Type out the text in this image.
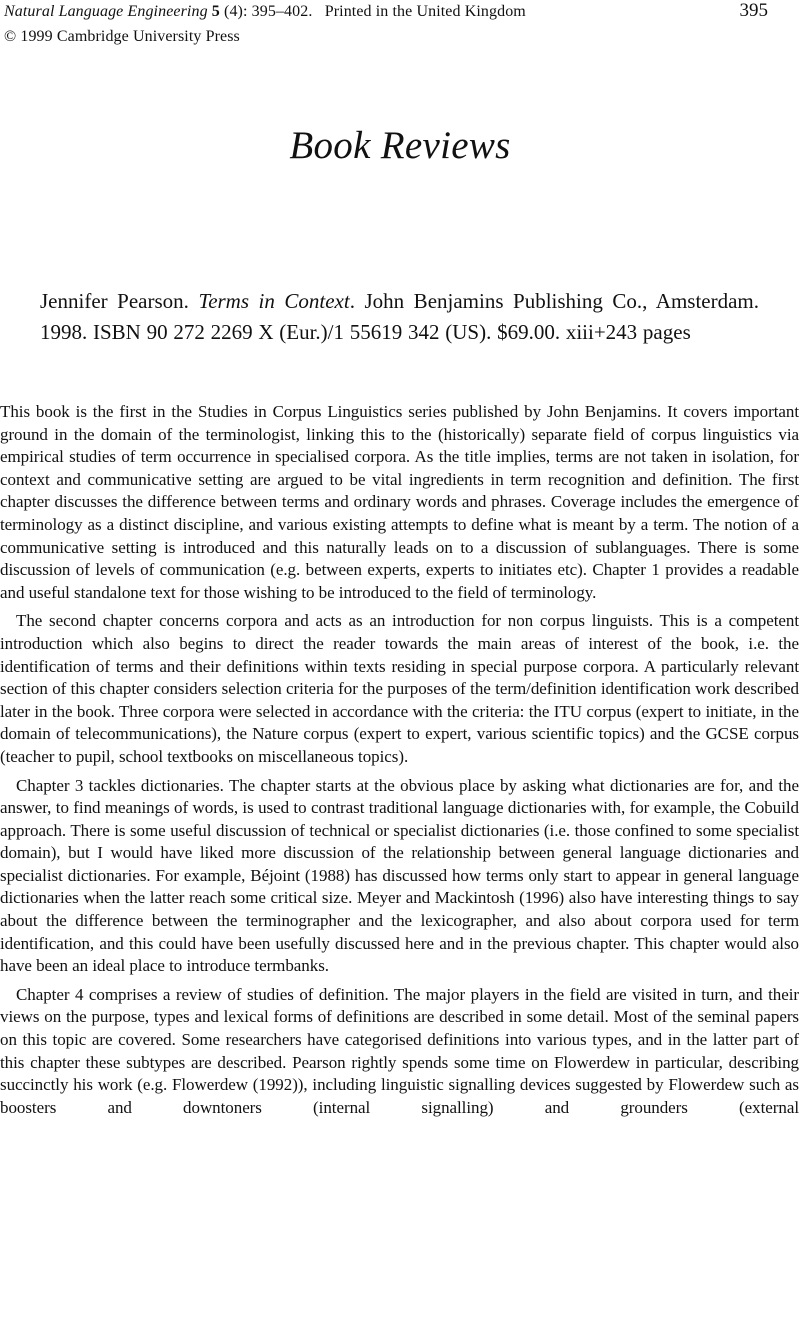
Natural Language Engineering 5 (4): 395–402. Printed in the United Kingdom
© 1999 Cambridge University Press
395
Book Reviews
Jennifer Pearson. Terms in Context. John Benjamins Publishing Co., Amsterdam. 1998. ISBN 90 272 2269 X (Eur.)/1 55619 342 (US). $69.00. xiii+243 pages

This book is the first in the Studies in Corpus Linguistics series published by John Benjamins. It covers important ground in the domain of the terminologist, linking this to the (historically) separate field of corpus linguistics via empirical studies of term occurrence in specialised corpora. As the title implies, terms are not taken in isolation, for context and communicative setting are argued to be vital ingredients in term recognition and definition. The first chapter discusses the difference between terms and ordinary words and phrases. Coverage includes the emergence of terminology as a distinct discipline, and various existing attempts to define what is meant by a term. The notion of a communicative setting is introduced and this naturally leads on to a discussion of sublanguages. There is some discussion of levels of communication (e.g. between experts, experts to initiates etc). Chapter 1 provides a readable and useful standalone text for those wishing to be introduced to the field of terminology.

The second chapter concerns corpora and acts as an introduction for non corpus linguists. This is a competent introduction which also begins to direct the reader towards the main areas of interest of the book, i.e. the identification of terms and their definitions within texts residing in special purpose corpora. A particularly relevant section of this chapter considers selection criteria for the purposes of the term/definition identification work described later in the book. Three corpora were selected in accordance with the criteria: the ITU corpus (expert to initiate, in the domain of telecommunications), the Nature corpus (expert to expert, various scientific topics) and the GCSE corpus (teacher to pupil, school textbooks on miscellaneous topics).

Chapter 3 tackles dictionaries. The chapter starts at the obvious place by asking what dictionaries are for, and the answer, to find meanings of words, is used to contrast traditional language dictionaries with, for example, the Cobuild approach. There is some useful discussion of technical or specialist dictionaries (i.e. those confined to some specialist domain), but I would have liked more discussion of the relationship between general language dictionaries and specialist dictionaries. For example, Béjoint (1988) has discussed how terms only start to appear in general language dictionaries when the latter reach some critical size. Meyer and Mackintosh (1996) also have interesting things to say about the difference between the terminographer and the lexicographer, and also about corpora used for term identification, and this could have been usefully discussed here and in the previous chapter. This chapter would also have been an ideal place to introduce termbanks.

Chapter 4 comprises a review of studies of definition. The major players in the field are visited in turn, and their views on the purpose, types and lexical forms of definitions are described in some detail. Most of the seminal papers on this topic are covered. Some researchers have categorised definitions into various types, and in the latter part of this chapter these subtypes are described. Pearson rightly spends some time on Flowerdew in particular, describing succinctly his work (e.g. Flowerdew (1992)), including linguistic signalling devices suggested by Flowerdew such as boosters and downtoners (internal signalling) and grounders (external
